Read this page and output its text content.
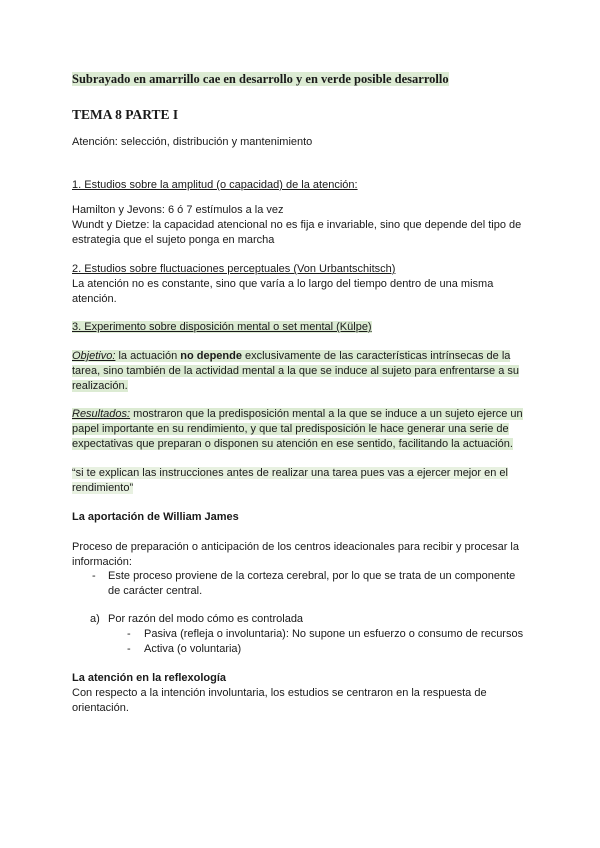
Subrayado en amarrillo cae en desarrollo y en verde posible desarrollo
TEMA 8 PARTE I
Atención: selección, distribución y mantenimiento
1. Estudios sobre la amplitud (o capacidad) de la atención:
Hamilton y Jevons: 6 ó 7 estímulos a la vez
Wundt y Dietze: la capacidad atencional no es fija e invariable, sino que depende del tipo de
estrategia que el sujeto ponga en marcha
2. Estudios sobre fluctuaciones perceptuales (Von Urbantschitsch)
La atención no es constante, sino que varía a lo largo del tiempo dentro de una misma
atención.
3. Experimento sobre disposición mental o set mental (Külpe)
Objetivo: la actuación no depende exclusivamente de las características intrínsecas de la
tarea, sino también de la actividad mental a la que se induce al sujeto para enfrentarse a su
realización.
Resultados: mostraron que la predisposición mental a la que se induce a un sujeto ejerce un
papel importante en su rendimiento, y que tal predisposición le hace generar una serie de
expectativas que preparan o disponen su atención en ese sentido, facilitando la actuación.
“si te explican las instrucciones antes de realizar una tarea pues vas a ejercer mejor en el
rendimiento”
La aportación de William James
Proceso de preparación o anticipación de los centros ideacionales para recibir y procesar la
información:
- Este proceso proviene de la corteza cerebral, por lo que se trata de un componente
de carácter central.
a) Por razón del modo cómo es controlada
-	Pasiva (refleja o involuntaria): No supone un esfuerzo o consumo de recursos
-	Activa (o voluntaria)
La atención en la reflexología
Con respecto a la intención involuntaria, los estudios se centraron en la respuesta de
orientación.
